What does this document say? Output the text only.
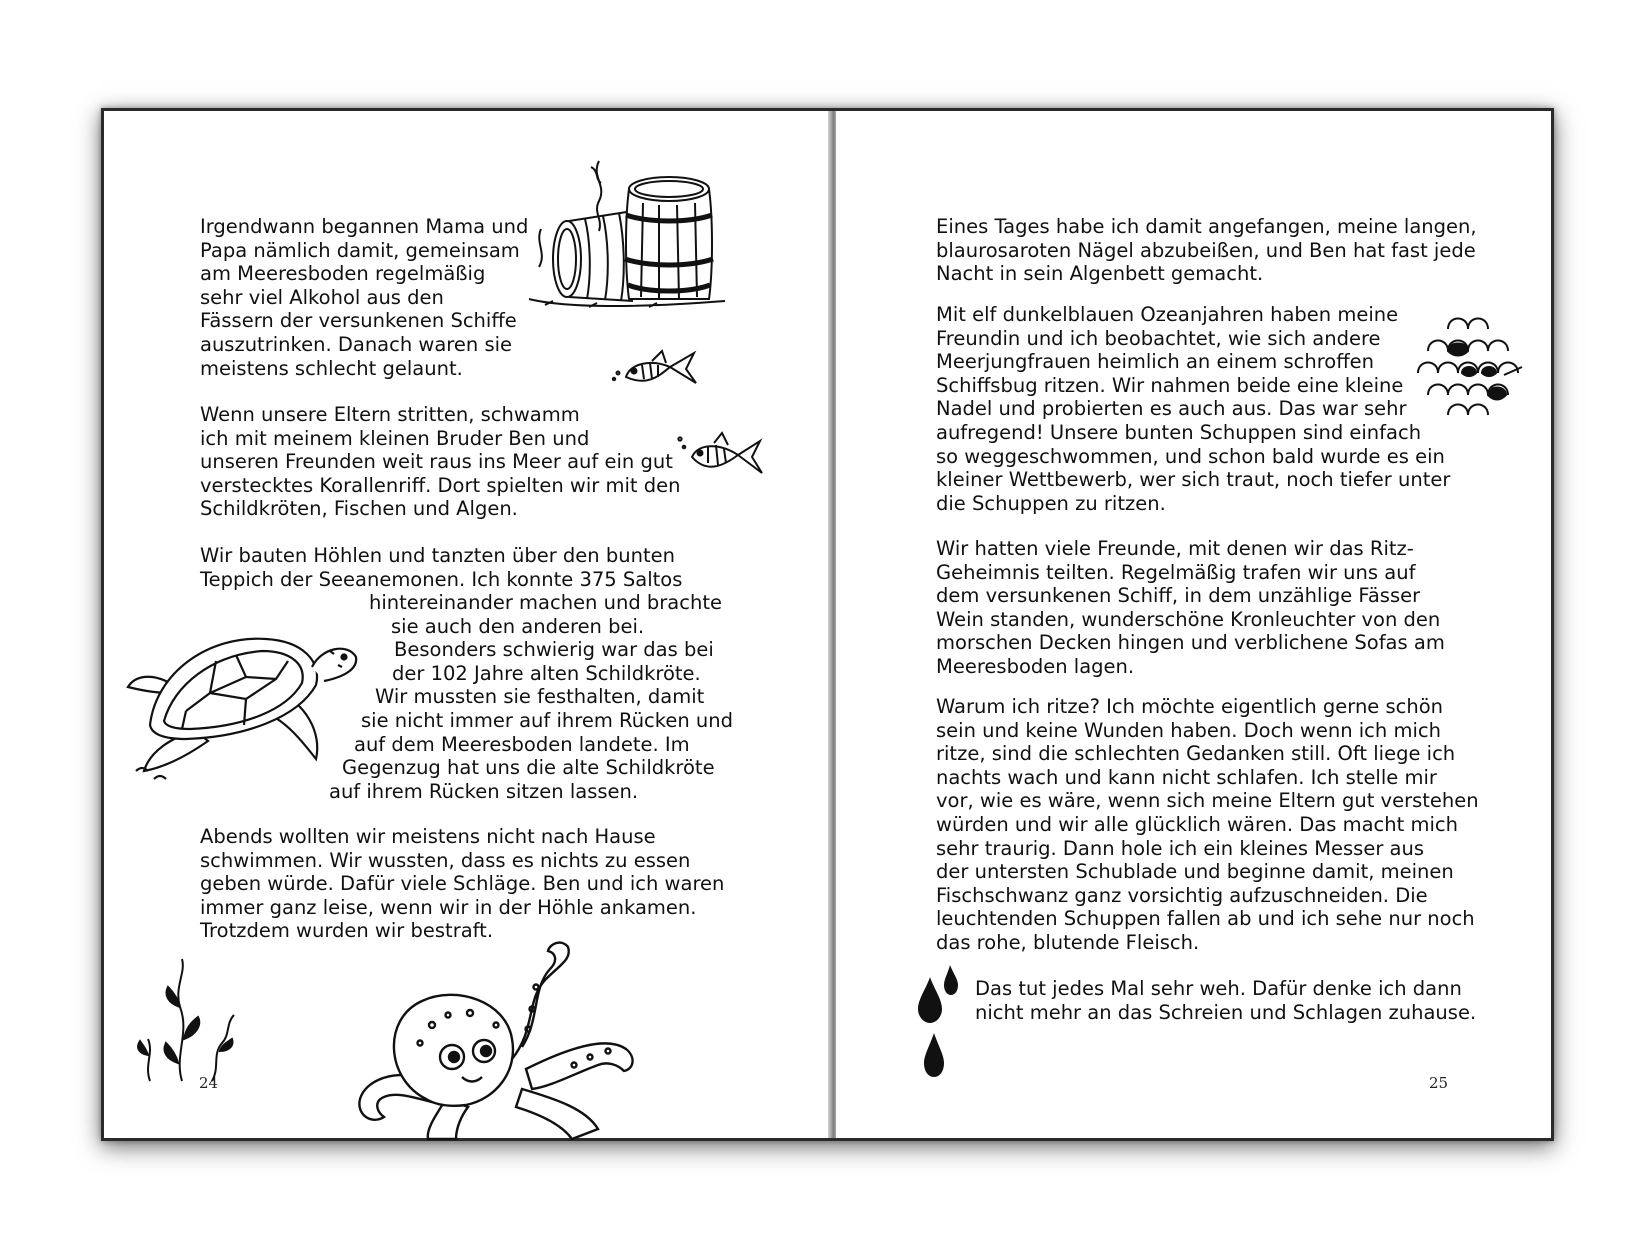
Irgendwann begannen Mama und
Papa nämlich damit, gemeinsam
am Meeresboden regelmäßig
sehr viel Alkohol aus den
Fässern der versunkenen Schiffe
auszutrinken. Danach waren sie
meistens schlecht gelaunt.

Wenn unsere Eltern stritten, schwamm
ich mit meinem kleinen Bruder Ben und
unseren Freunden weit raus ins Meer auf ein gut
verstecktes Korallenriff. Dort spielten wir mit den
Schildkröten, Fischen und Algen.

Wir bauten Höhlen und tanzten über den bunten
Teppich der Seeanemonen. Ich konnte 375 Saltos

hintereinander machen und brachte

sie auch den anderen bei.

Besonders schwierig war das bei

der 102 Jahre alten Schildkröte.

Wir mussten sie festhalten, damit

sie nicht immer auf ihrem Rücken und

auf dem Meeresboden landete. Im

Gegenzug hat uns die alte Schildkröte

auf ihrem Rücken sitzen lassen.

Abends wollten wir meistens nicht nach Hause
schwimmen. Wir wussten, dass es nichts zu essen
geben würde. Dafür viele Schläge. Ben und ich waren
immer ganz leise, wenn wir in der Höhle ankamen.
Trotzdem wurden wir bestraft.

24

Eines Tages habe ich damit angefangen, meine langen,
blaurosaroten Nägel abzubeißen, und Ben hat fast jede
Nacht in sein Algenbett gemacht.

Mit elf dunkelblauen Ozeanjahren haben meine
Freundin und ich beobachtet, wie sich andere
Meerjungfrauen heimlich an einem schroffen
Schiffsbug ritzen. Wir nahmen beide eine kleine
Nadel und probierten es auch aus. Das war sehr
aufregend! Unsere bunten Schuppen sind einfach
so weggeschwommen, und schon bald wurde es ein
kleiner Wettbewerb, wer sich traut, noch tiefer unter
die Schuppen zu ritzen.

Wir hatten viele Freunde, mit denen wir das Ritz-
Geheimnis teilten. Regelmäßig trafen wir uns auf
dem versunkenen Schiff, in dem unzählige Fässer
Wein standen, wunderschöne Kronleuchter von den
morschen Decken hingen und verblichene Sofas am
Meeresboden lagen.

Warum ich ritze? Ich möchte eigentlich gerne schön
sein und keine Wunden haben. Doch wenn ich mich
ritze, sind die schlechten Gedanken still. Oft liege ich
nachts wach und kann nicht schlafen. Ich stelle mir
vor, wie es wäre, wenn sich meine Eltern gut verstehen
würden und wir alle glücklich wären. Das macht mich
sehr traurig. Dann hole ich ein kleines Messer aus
der untersten Schublade und beginne damit, meinen
Fischschwanz ganz vorsichtig aufzuschneiden. Die
leuchtenden Schuppen fallen ab und ich sehe nur noch
das rohe, blutende Fleisch.

Das tut jedes Mal sehr weh. Dafür denke ich dann
nicht mehr an das Schreien und Schlagen zuhause.

25
